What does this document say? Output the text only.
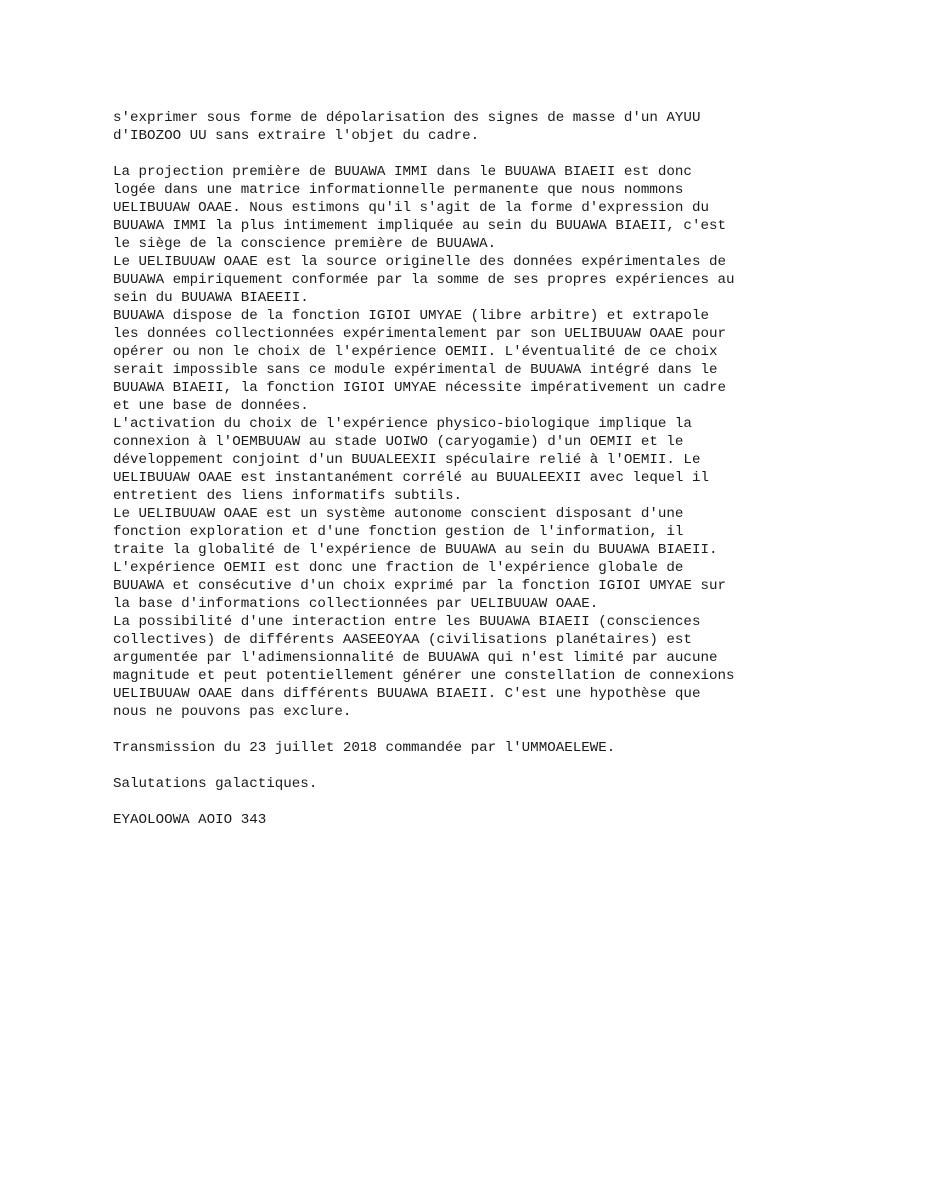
s'exprimer sous forme de dépolarisation des signes de masse d'un AYUU
d'IBOZOO UU sans extraire l'objet du cadre.
La projection première de BUUAWA IMMI dans le BUUAWA BIAEII est donc
logée dans une matrice informationnelle permanente que nous nommons
UELIBUUAW OAAE. Nous estimons qu'il s'agit de la forme d'expression du
BUUAWA IMMI la plus intimement impliquée au sein du BUUAWA BIAEII, c'est
le siège de la conscience première de BUUAWA.
Le UELIBUUAW OAAE est la source originelle des données expérimentales de
BUUAWA empiriquement conformée par la somme de ses propres expériences au
sein du BUUAWA BIAEEII.
BUUAWA dispose de la fonction IGIOI UMYAE (libre arbitre) et extrapole
les données collectionnées expérimentalement par son UELIBUUAW OAAE pour
opérer ou non le choix de l'expérience OEMII. L'éventualité de ce choix
serait impossible sans ce module expérimental de BUUAWA intégré dans le
BUUAWA BIAEII, la fonction IGIOI UMYAE nécessite impérativement un cadre
et une base de données.
L'activation du choix de l'expérience physico-biologique implique la
connexion à l'OEMBUUAW au stade UOIWO (caryogamie) d'un OEMII et le
développement conjoint d'un BUUALEEXII spéculaire relié à l'OEMII. Le
UELIBUUAW OAAE est instantanément corrélé au BUUALEEXII avec lequel il
entretient des liens informatifs subtils.
Le UELIBUUAW OAAE est un système autonome conscient disposant d'une
fonction exploration et d'une fonction gestion de l'information, il
traite la globalité de l'expérience de BUUAWA au sein du BUUAWA BIAEII.
L'expérience OEMII est donc une fraction de l'expérience globale de
BUUAWA et consécutive d'un choix exprimé par la fonction IGIOI UMYAE sur
la base d'informations collectionnées par UELIBUUAW OAAE.
La possibilité d'une interaction entre les BUUAWA BIAEII (consciences
collectives) de différents AASEEOYAA (civilisations planétaires) est
argumentée par l'adimensionnalité de BUUAWA qui n'est limité par aucune
magnitude et peut potentiellement générer une constellation de connexions
UELIBUUAW OAAE dans différents BUUAWA BIAEII. C'est une hypothèse que
nous ne pouvons pas exclure.
Transmission du 23 juillet 2018 commandée par l'UMMOAELEWE.
Salutations galactiques.
EYAOLOOWA AOIO 343
